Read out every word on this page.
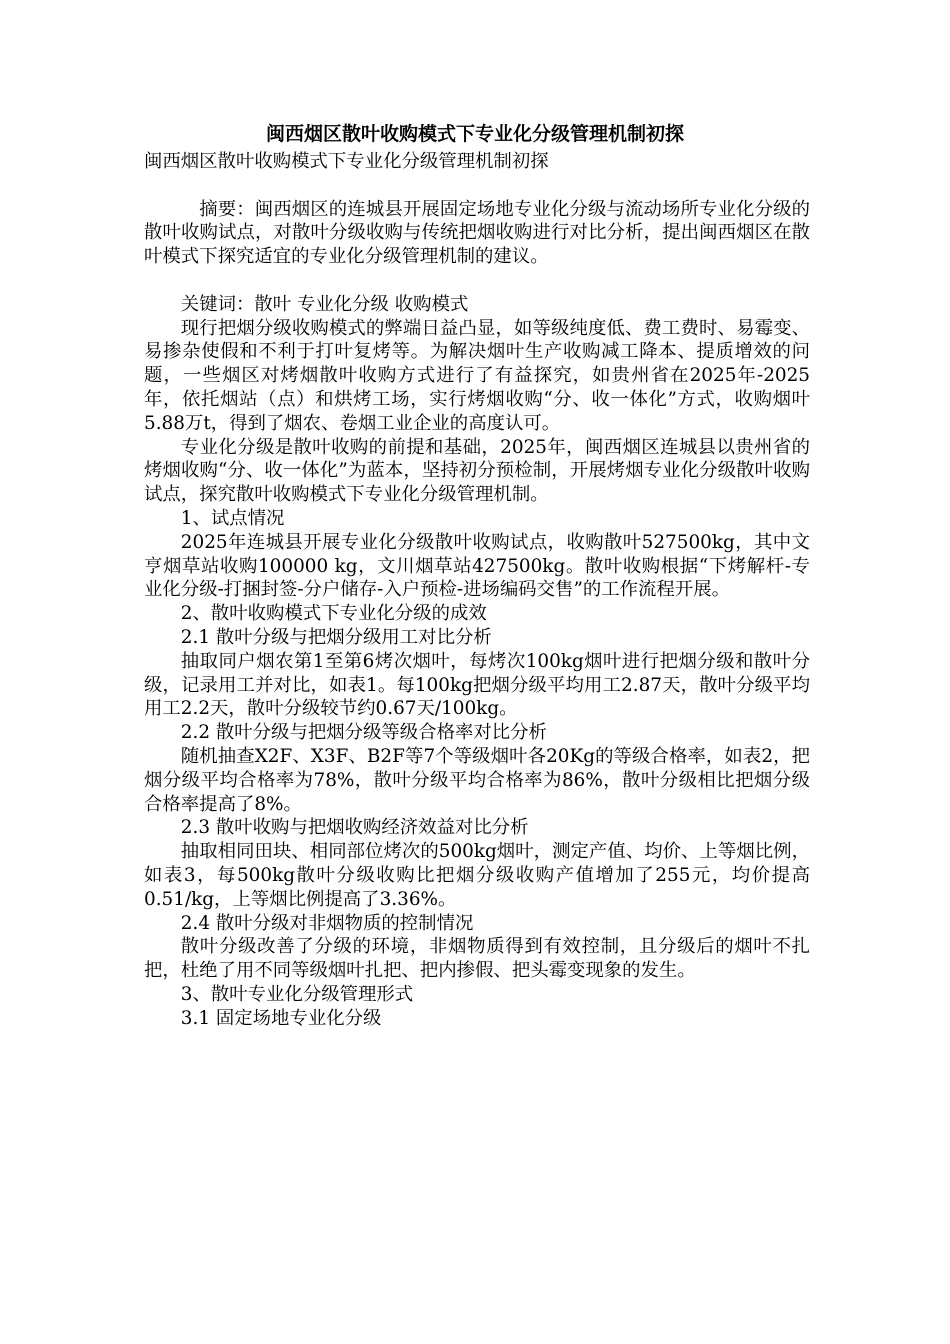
闽西烟区散叶收购模式下专业化分级管理机制初探

闽西烟区散叶收购模式下专业化分级管理机制初探

摘要：闽西烟区的连城县开展固定场地专业化分级与流动场所专业化分级的散叶收购试点，对散叶分级收购与传统把烟收购进行对比分析，提出闽西烟区在散叶模式下探究适宜的专业化分级管理机制的建议。

关键词：散叶 专业化分级 收购模式

现行把烟分级收购模式的弊端日益凸显，如等级纯度低、费工费时、易霉变、易掺杂使假和不利于打叶复烤等。为解决烟叶生产收购减工降本、提质增效的问题，一些烟区对烤烟散叶收购方式进行了有益探究，如贵州省在2025年-2025年，依托烟站（点）和烘烤工场，实行烤烟收购“分、收一体化”方式，收购烟叶5.88万t，得到了烟农、卷烟工业企业的高度认可。

专业化分级是散叶收购的前提和基础，2025年，闽西烟区连城县以贵州省的烤烟收购“分、收一体化”为蓝本，坚持初分预检制，开展烤烟专业化分级散叶收购试点，探究散叶收购模式下专业化分级管理机制。

1、试点情况

2025年连城县开展专业化分级散叶收购试点，收购散叶527500kg，其中文亨烟草站收购100000 kg，文川烟草站427500kg。散叶收购根据“下烤解杆-专业化分级-打捆封签-分户储存-入户预检-进场编码交售”的工作流程开展。

2、散叶收购模式下专业化分级的成效

2.1 散叶分级与把烟分级用工对比分析

抽取同户烟农第1至第6烤次烟叶，每烤次100kg烟叶进行把烟分级和散叶分级，记录用工并对比，如表1。每100kg把烟分级平均用工2.87天，散叶分级平均用工2.2天，散叶分级较节约0.67天/100kg。

2.2 散叶分级与把烟分级等级合格率对比分析

随机抽查X2F、X3F、B2F等7个等级烟叶各20Kg的等级合格率，如表2，把烟分级平均合格率为78%，散叶分级平均合格率为86%，散叶分级相比把烟分级合格率提高了8%。

2.3 散叶收购与把烟收购经济效益对比分析

抽取相同田块、相同部位烤次的500kg烟叶，测定产值、均价、上等烟比例，如表3，每500kg散叶分级收购比把烟分级收购产值增加了255元，均价提高0.51/kg，上等烟比例提高了3.36%。

2.4 散叶分级对非烟物质的控制情况

散叶分级改善了分级的环境，非烟物质得到有效控制，且分级后的烟叶不扎把，杜绝了用不同等级烟叶扎把、把内掺假、把头霉变现象的发生。

3、散叶专业化分级管理形式

3.1 固定场地专业化分级
